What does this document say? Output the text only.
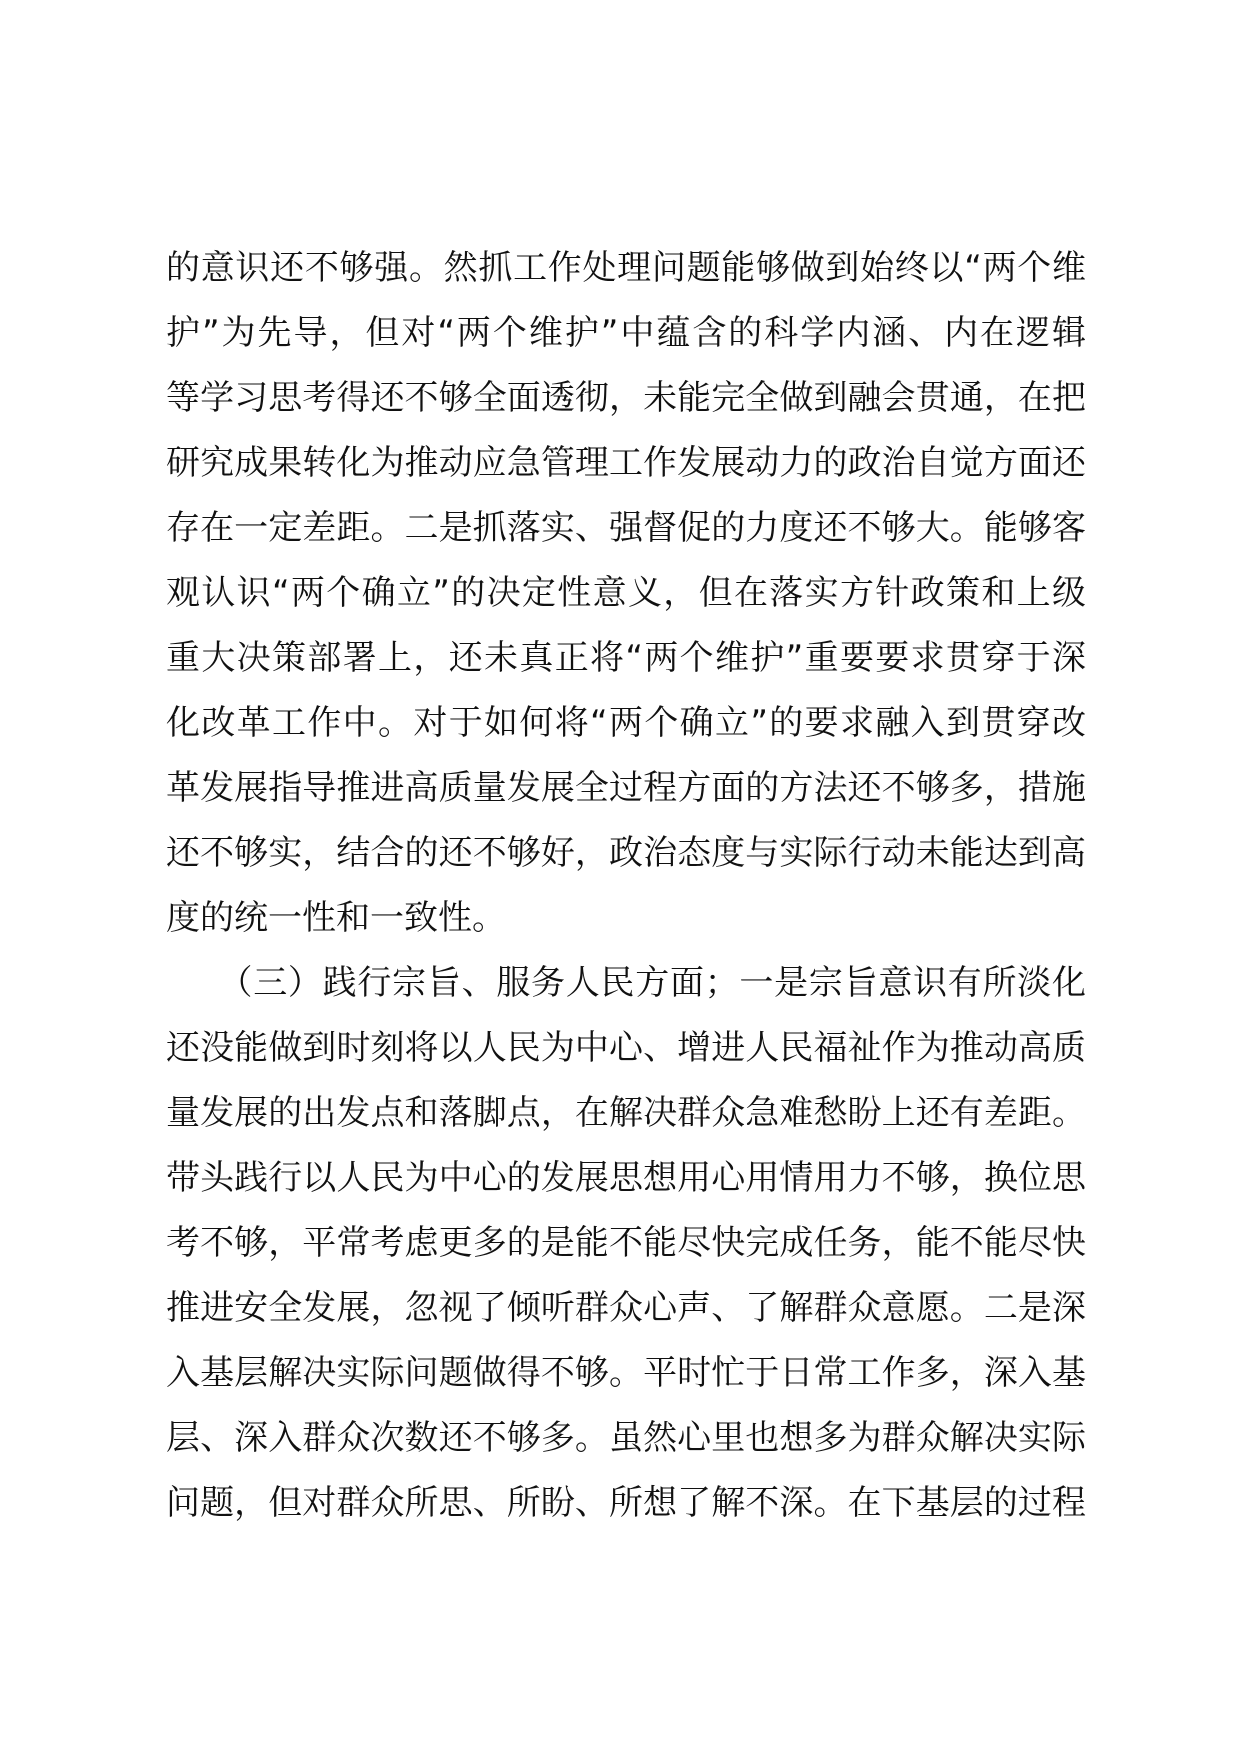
的意识还不够强。然抓工作处理问题能够做到始终以“两个维
护”为先导，但对“两个维护”中蕴含的科学内涵、内在逻辑
等学习思考得还不够全面透彻，未能完全做到融会贯通，在把
研究成果转化为推动应急管理工作发展动力的政治自觉方面还
存在一定差距。二是抓落实、强督促的力度还不够大。能够客
观认识“两个确立”的决定性意义，但在落实方针政策和上级
重大决策部署上，还未真正将“两个维护”重要要求贯穿于深
化改革工作中。对于如何将“两个确立”的要求融入到贯穿改
革发展指导推进高质量发展全过程方面的方法还不够多，措施
还不够实，结合的还不够好，政治态度与实际行动未能达到高
度的统一性和一致性。
　　（三）践行宗旨、服务人民方面；一是宗旨意识有所淡化
还没能做到时刻将以人民为中心、增进人民福祉作为推动高质
量发展的出发点和落脚点，在解决群众急难愁盼上还有差距。
带头践行以人民为中心的发展思想用心用情用力不够，换位思
考不够，平常考虑更多的是能不能尽快完成任务，能不能尽快
推进安全发展，忽视了倾听群众心声、了解群众意愿。二是深
入基层解决实际问题做得不够。平时忙于日常工作多，深入基
层、深入群众次数还不够多。虽然心里也想多为群众解决实际
问题，但对群众所思、所盼、所想了解不深。在下基层的过程
